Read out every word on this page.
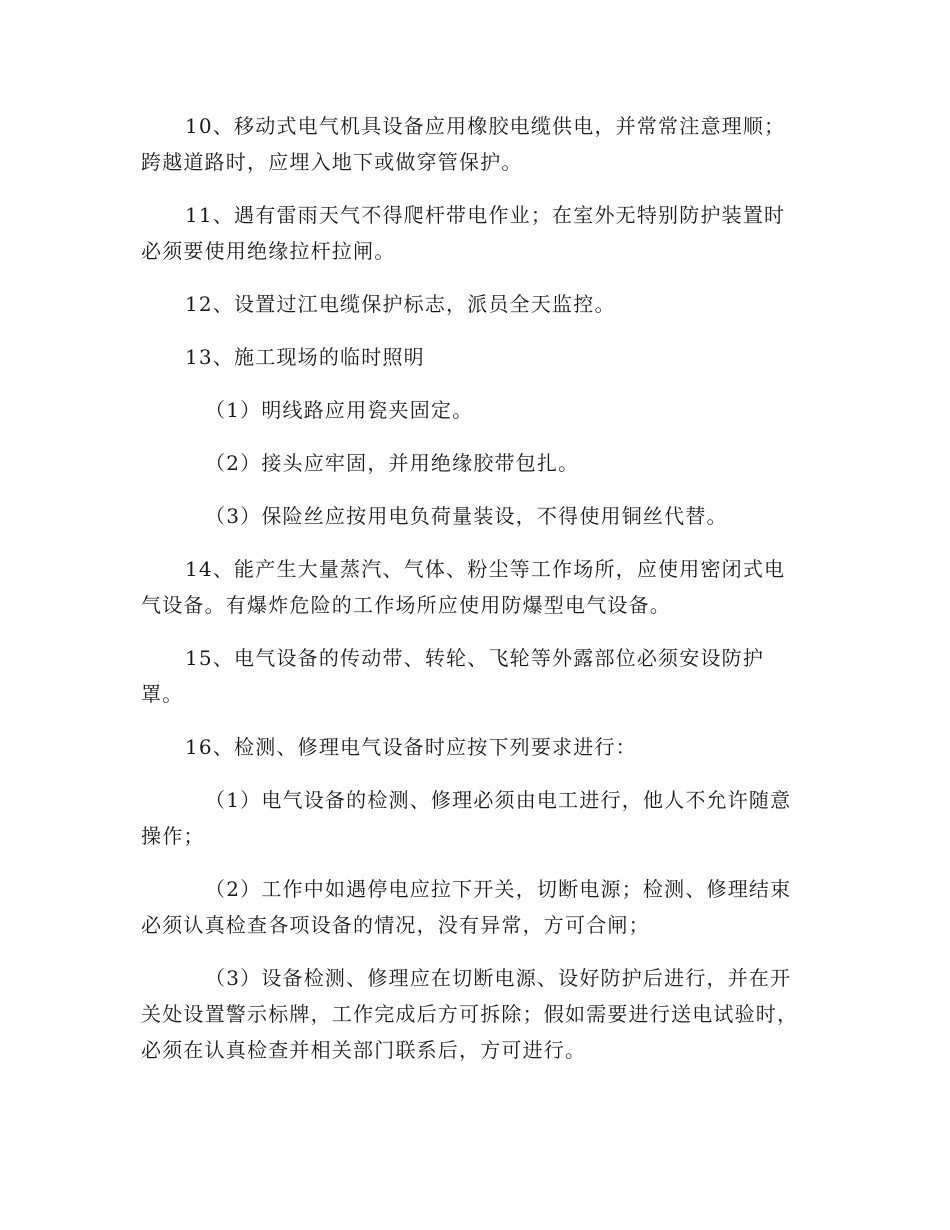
10、移动式电气机具设备应用橡胶电缆供电，并常常注意理顺；跨越道路时，应埋入地下或做穿管保护。

11、遇有雷雨天气不得爬杆带电作业；在室外无特别防护装置时必须要使用绝缘拉杆拉闸。

12、设置过江电缆保护标志，派员全天监控。

13、施工现场的临时照明

（1）明线路应用瓷夹固定。

（2）接头应牢固，并用绝缘胶带包扎。

（3）保险丝应按用电负荷量装设，不得使用铜丝代替。

14、能产生大量蒸汽、气体、粉尘等工作场所，应使用密闭式电气设备。有爆炸危险的工作场所应使用防爆型电气设备。

15、电气设备的传动带、转轮、飞轮等外露部位必须安设防护罩。

16、检测、修理电气设备时应按下列要求进行：

（1）电气设备的检测、修理必须由电工进行，他人不允许随意操作；

（2）工作中如遇停电应拉下开关，切断电源；检测、修理结束必须认真检查各项设备的情况，没有异常，方可合闸；

（3）设备检测、修理应在切断电源、设好防护后进行，并在开关处设置警示标牌，工作完成后方可拆除；假如需要进行送电试验时，必须在认真检查并相关部门联系后，方可进行。
